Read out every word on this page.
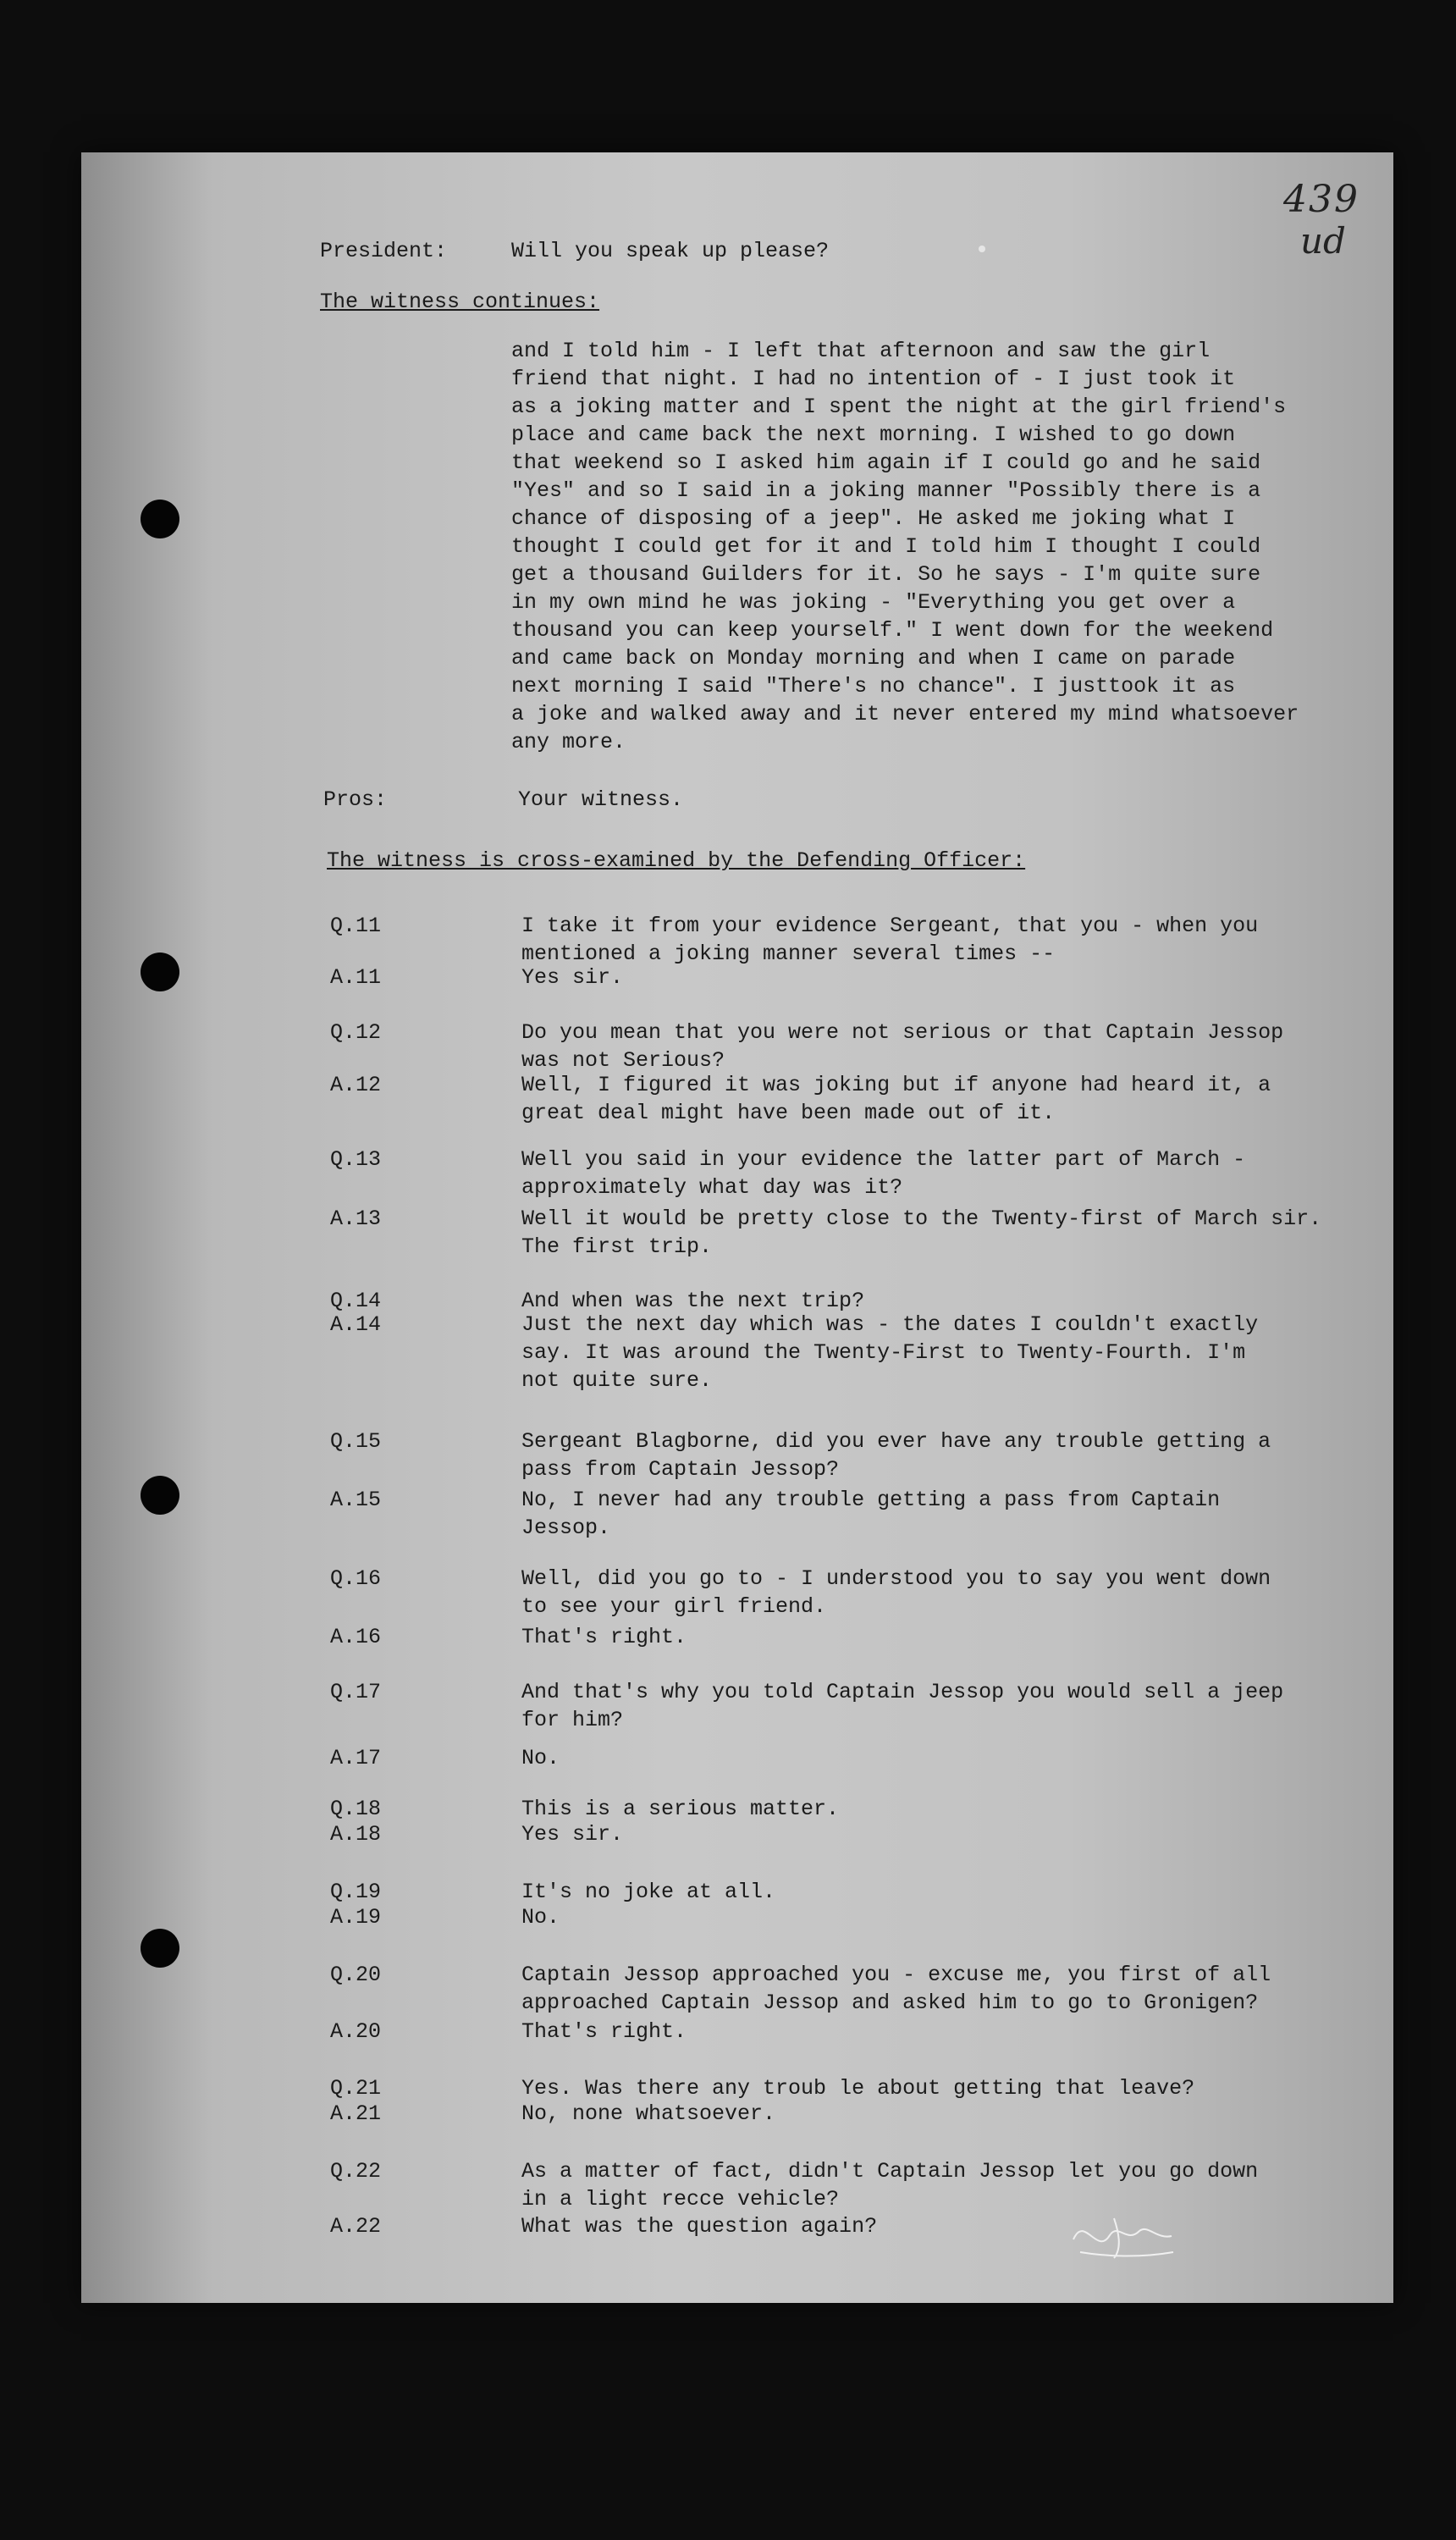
439
ud
President:	Will you speak up please?
The witness continues:
and I told him - I left that afternoon and saw the girl
friend that night. I had no intention of - I just took it
as a joking matter and I spent the night at the girl friend's
place and came back the next morning. I wished to go down
that weekend so I asked him again if I could go and he said
"Yes" and so I said in a joking manner "Possibly there is a
chance of disposing of a jeep". He asked me joking what I
thought I could get for it and I told him I thought I could
get a thousand Guilders for it. So he says - I'm quite sure
in my own mind he was joking - "Everything you get over a
thousand you can keep yourself." I went down for the weekend
and came back on Monday morning and when I came on parade
next morning I said "There's no chance". I justtook it as
a joke and walked away and it never entered my mind whatsoever
any more.
Pros:	Your witness.
The witness is cross-examined by the Defending Officer:
Q.11	I take it from your evidence Sergeant, that you - when you
mentioned a joking manner several times --
A.11	Yes sir.
Q.12	Do you mean that you were not serious or that Captain Jessop
was not Serious?
A.12	Well, I figured it was joking but if anyone had heard it, a
great deal might have been made out of it.
Q.13	Well you said in your evidence the latter part of March -
approximately what day was it?
A.13	Well it would be pretty close to the Twenty-first of March sir.
The first trip.
Q.14	And when was the next trip?
A.14	Just the next day which was - the dates I couldn't exactly
say. It was around the Twenty-First to Twenty-Fourth. I'm
not quite sure.
Q.15	Sergeant Blagborne, did you ever have any trouble getting a
pass from Captain Jessop?
A.15	No, I never had any trouble getting a pass from Captain
Jessop.
Q.16	Well, did you go to - I understood you to say you went down
to see your girl friend.
A.16	That's right.
Q.17	And that's why you told Captain Jessop you would sell a jeep
for him?
A.17	No.
Q.18	This is a serious matter.
A.18	Yes sir.
Q.19	It's no joke at all.
A.19	No.
Q.20	Captain Jessop approached you - excuse me, you first of all
approached Captain Jessop and asked him to go to Gronigen?
A.20	That's right.
Q.21	Yes. Was there any troub le about getting that leave?
A.21	No, none whatsoever.
Q.22	As a matter of fact, didn't Captain Jessop let you go down
in a light recce vehicle?
A.22	What was the question again?
